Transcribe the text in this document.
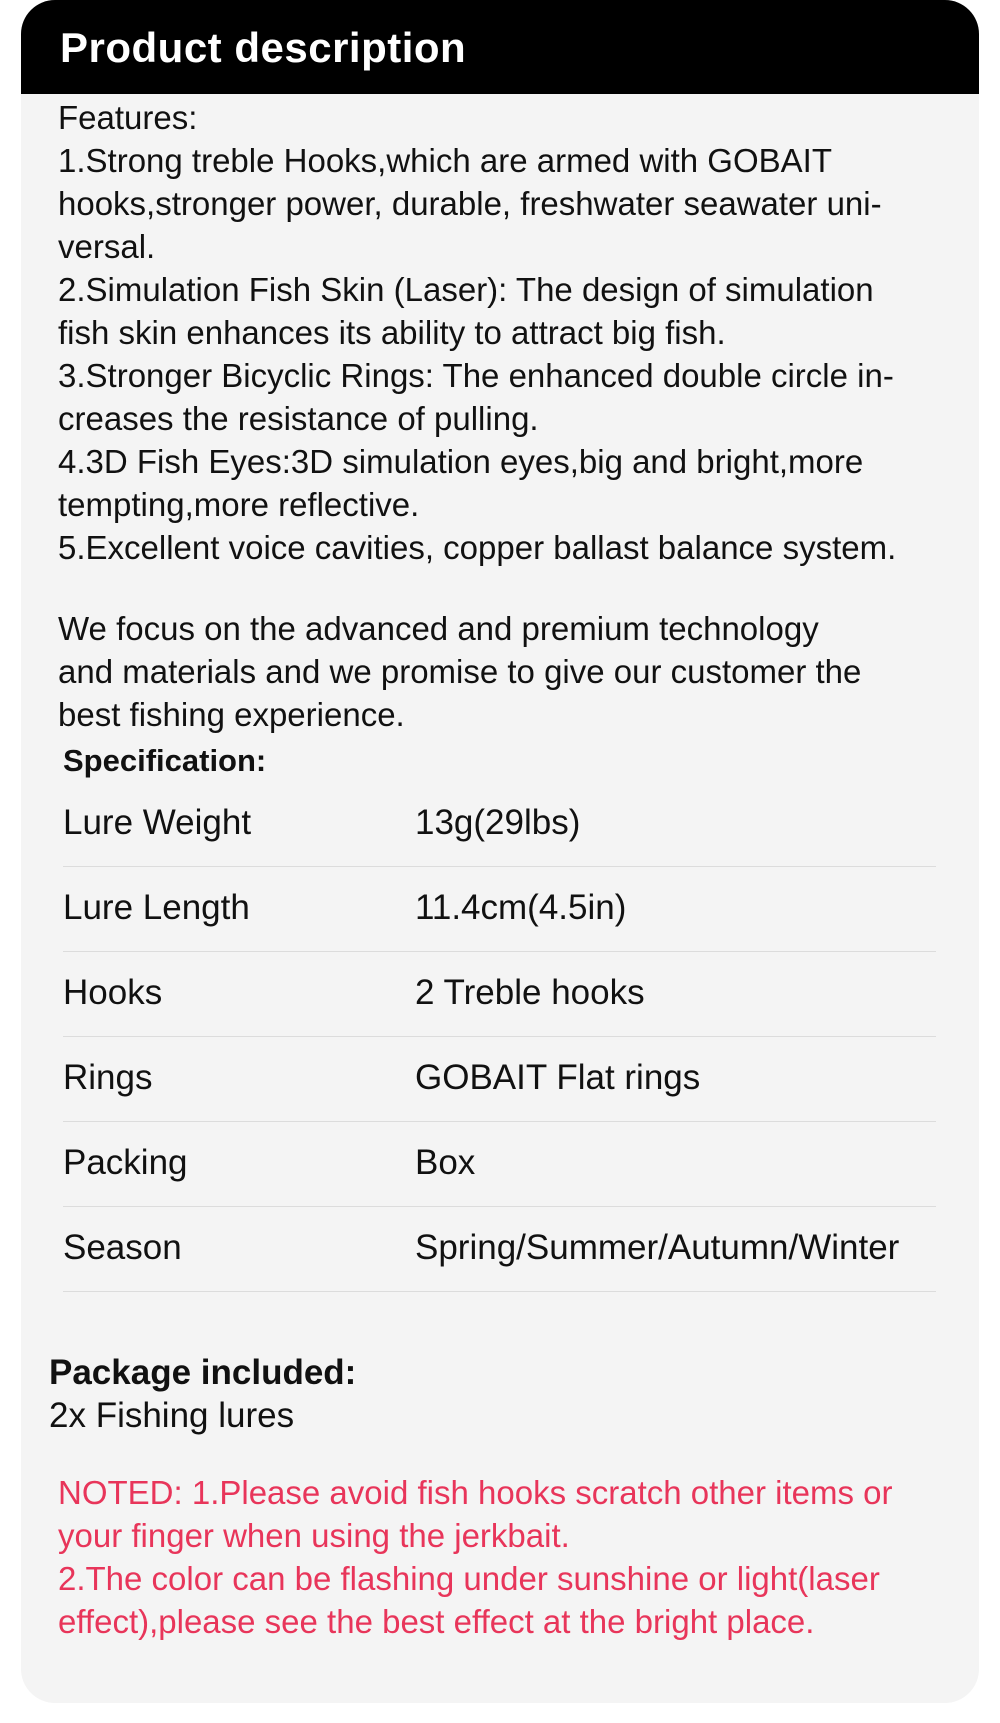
Product description
Features:
1.Strong treble Hooks,which are armed with GOBAIT
hooks,stronger power, durable, freshwater seawater uni-
versal.
2.Simulation Fish Skin (Laser): The design of simulation
fish skin enhances its ability to attract big fish.
3.Stronger Bicyclic Rings: The enhanced double circle in-
creases the resistance of pulling.
4.3D Fish Eyes:3D simulation eyes,big and bright,more
tempting,more reflective.
5.Excellent voice cavities, copper ballast balance system.
We focus on the advanced and premium technology
and materials and we promise to give our customer the
best fishing experience.
Specification:
Lure Weight	13g(29lbs)
Lure Length	11.4cm(4.5in)
Hooks	2 Treble hooks
Rings	GOBAIT Flat rings
Packing	Box
Season	Spring/Summer/Autumn/Winter
Package included:
2x Fishing lures
NOTED: 1.Please avoid fish hooks scratch other items or
your finger when using the jerkbait.
2.The color can be flashing under sunshine or light(laser
effect),please see the best effect at the bright place.
